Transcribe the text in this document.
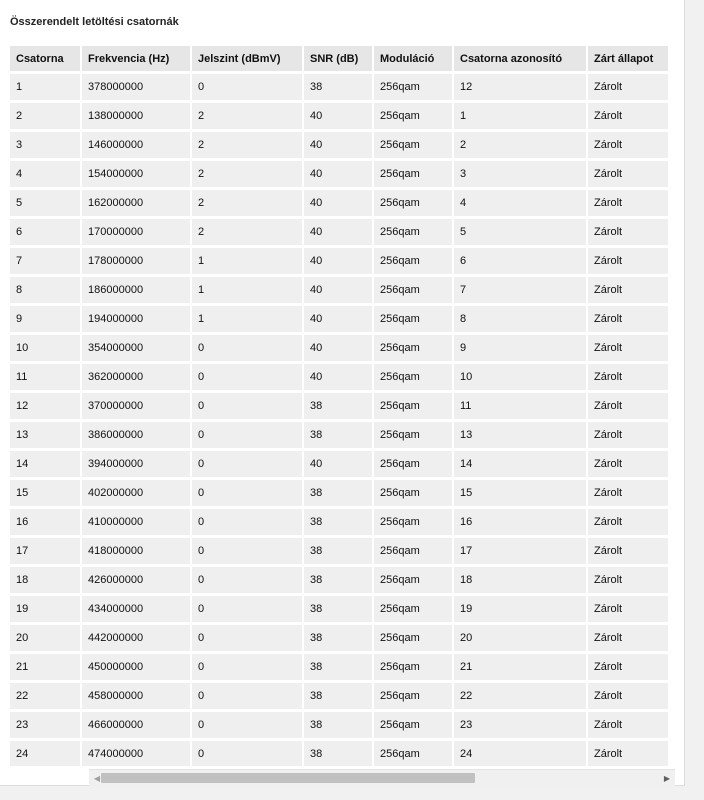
Összerendelt letöltési csatornák
Csatorna	Frekvencia (Hz)	Jelszint (dBmV)	SNR (dB)	Moduláció	Csatorna azonosító	Zárt állapot
1	378000000	0	38	256qam	12	Zárolt
2	138000000	2	40	256qam	1	Zárolt
3	146000000	2	40	256qam	2	Zárolt
4	154000000	2	40	256qam	3	Zárolt
5	162000000	2	40	256qam	4	Zárolt
6	170000000	2	40	256qam	5	Zárolt
7	178000000	1	40	256qam	6	Zárolt
8	186000000	1	40	256qam	7	Zárolt
9	194000000	1	40	256qam	8	Zárolt
10	354000000	0	40	256qam	9	Zárolt
11	362000000	0	40	256qam	10	Zárolt
12	370000000	0	38	256qam	11	Zárolt
13	386000000	0	38	256qam	13	Zárolt
14	394000000	0	40	256qam	14	Zárolt
15	402000000	0	38	256qam	15	Zárolt
16	410000000	0	38	256qam	16	Zárolt
17	418000000	0	38	256qam	17	Zárolt
18	426000000	0	38	256qam	18	Zárolt
19	434000000	0	38	256qam	19	Zárolt
20	442000000	0	38	256qam	20	Zárolt
21	450000000	0	38	256qam	21	Zárolt
22	458000000	0	38	256qam	22	Zárolt
23	466000000	0	38	256qam	23	Zárolt
24	474000000	0	38	256qam	24	Zárolt
◀	▶
